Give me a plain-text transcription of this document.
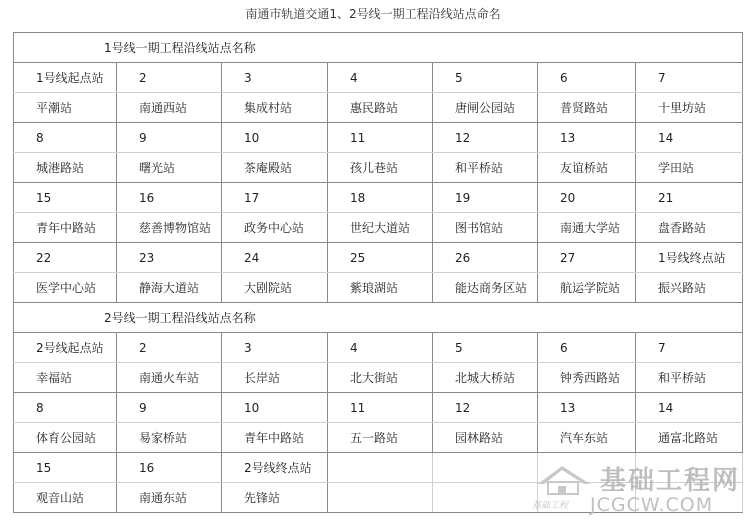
南通市轨道交通1、2号线一期工程沿线站点命名
1号线一期工程沿线站点名称						
1号线起点站	2	3	4	5	6	7
平潮站	南通西站	集成村站	惠民路站	唐闸公园站	普贤路站	十里坊站
8	9	10	11	12	13	14
城港路站	曙光站	茶庵殿站	孩儿巷站	和平桥站	友谊桥站	学田站
15	16	17	18	19	20	21
青年中路站	慈善博物馆站	政务中心站	世纪大道站	图书馆站	南通大学站	盘香路站
22	23	24	25	26	27	1号线终点站
医学中心站	静海大道站	大剧院站	紫琅湖站	能达商务区站	航运学院站	振兴路站
2号线一期工程沿线站点名称						
2号线起点站	2	3	4	5	6	7
幸福站	南通火车站	长岸站	北大街站	北城大桥站	钟秀西路站	和平桥站
8	9	10	11	12	13	14
体育公园站	易家桥站	青年中路站	五一路站	园林路站	汽车东站	通富北路站
15	16	2号线终点站				
观音山站	南通东站	先锋站				
基础工程网
基础工程 JCGCW.COM
